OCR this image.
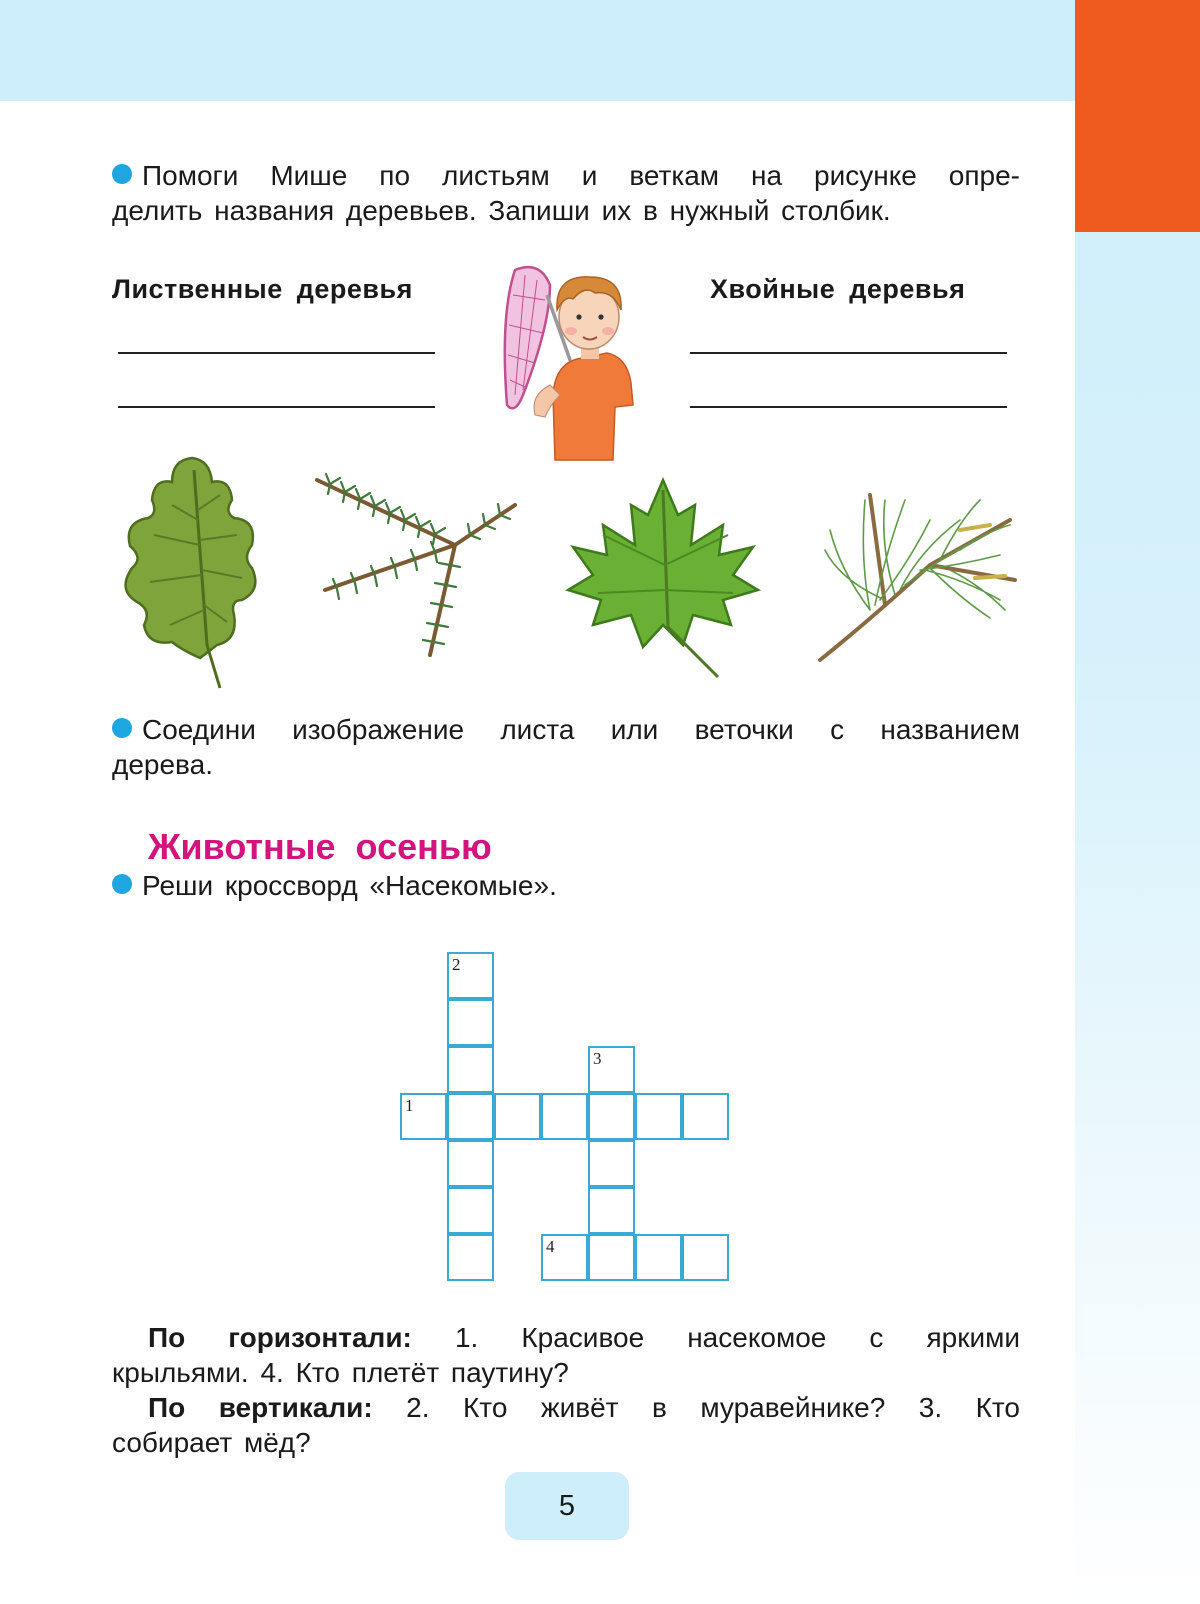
Помоги Мише по листьям и веткам на рисунке опре-
делить названия деревьев. Запиши их в нужный столбик.
Лиственные деревья	Хвойные деревья
Соедини изображение листа или веточки с названием
дерева.
Животные осенью
Реши кроссворд «Насекомые».
1
2
3
4
По горизонтали: 1. Красивое насекомое с яркими
крыльями. 4. Кто плетёт паутину?
По вертикали: 2. Кто живёт в муравейнике? 3. Кто
собирает мёд?
5
